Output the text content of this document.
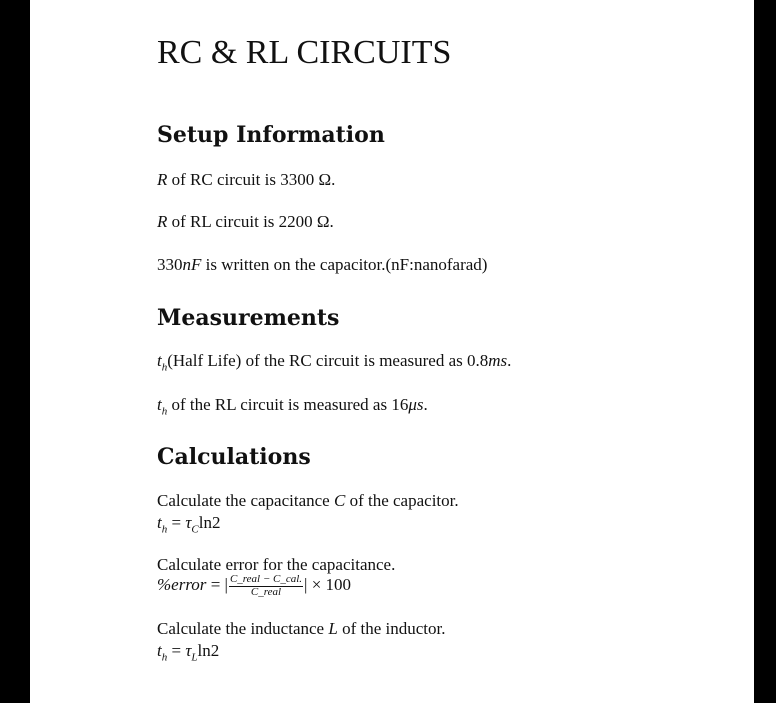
RC & RL CIRCUITS
Setup Information

R of RC circuit is 3300 Ω.

R of RL circuit is 2200 Ω.

330nF is written on the capacitor.(nF:nanofarad)

Measurements

$t_h(Half$ Life) of the RC circuit is measured as 0.8ms.

$t_h$ of the RL circuit is measured as 16μs.

Calculations

Calculate the capacitance C of the capacitor.

$t_h = \tau_C\ln 2$

Calculate error for the capacitance.

%error = | $\frac{\text{C\_real − C\_cal.}}{\text{C\_real}}$ | × 100

Calculate the inductance L of the inductor.

$t_h = \tau_L\ln 2$
